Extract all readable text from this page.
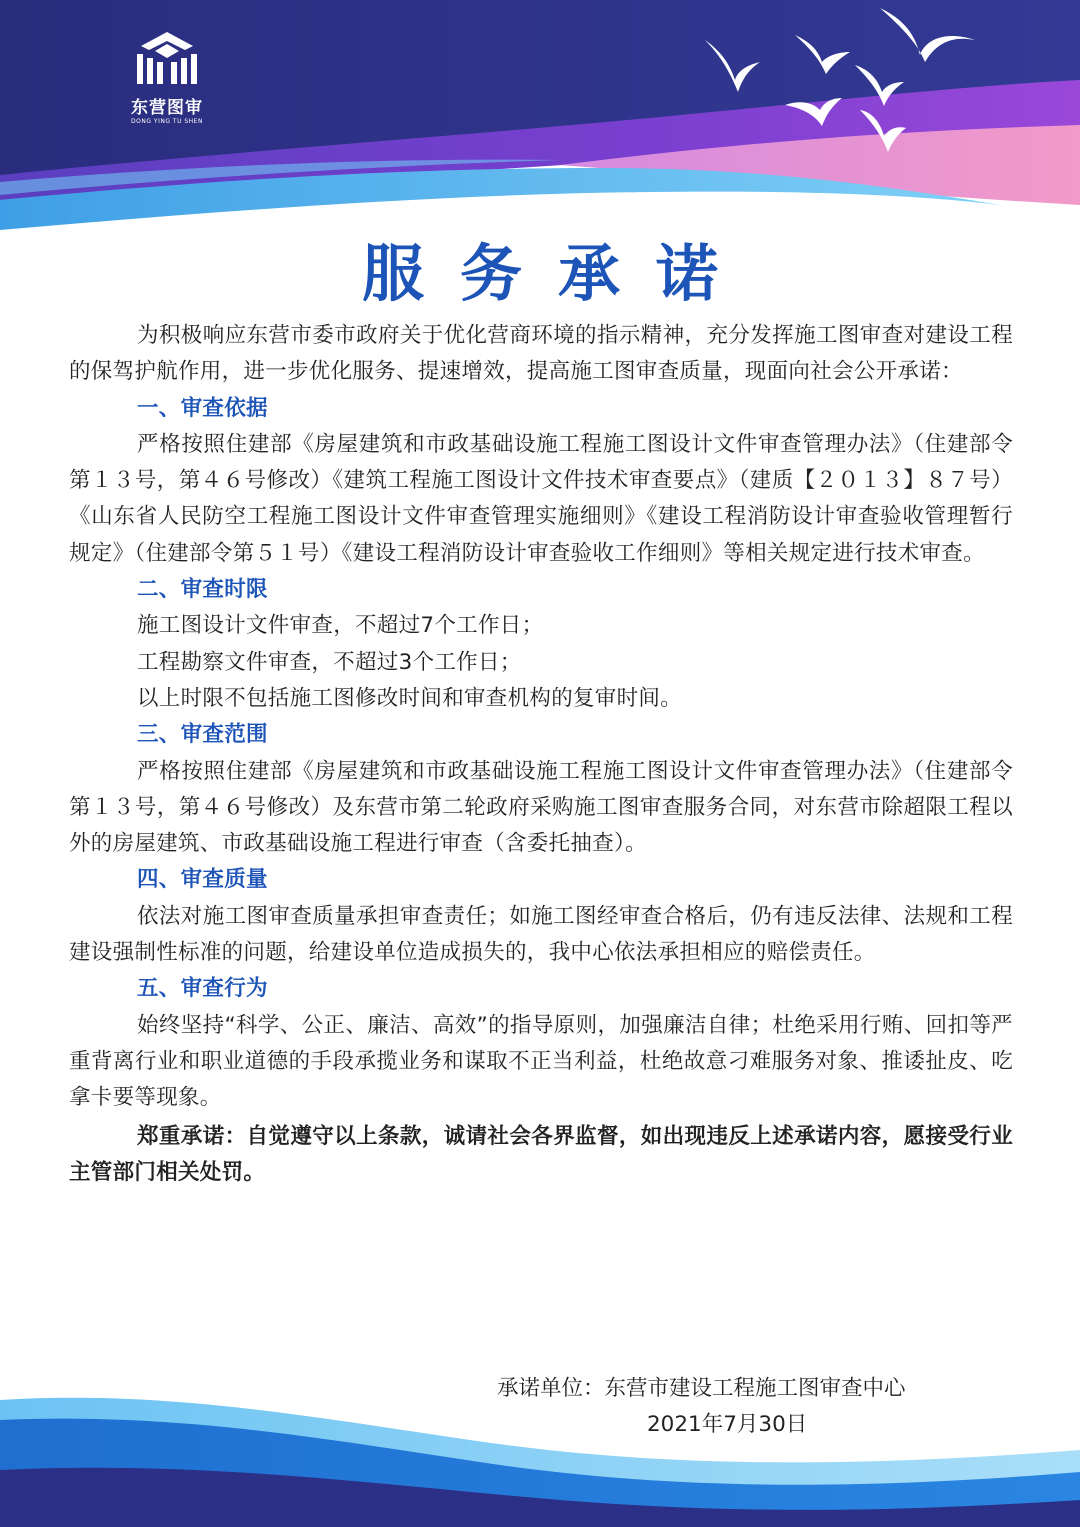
东营图审
DONG YING TU SHEN
服务承诺

为积极响应东营市委市政府关于优化营商环境的指示精神，充分发挥施工图审查对建设工程的保驾护航作用，进一步优化服务、提速增效，提高施工图审查质量，现面向社会公开承诺：

一、审查依据

严格按照住建部《房屋建筑和市政基础设施工程施工图设计文件审查管理办法》（住建部令第１３号，第４６号修改）《建筑工程施工图设计文件技术审查要点》（建质【２０１３】８７号）《山东省人民防空工程施工图设计文件审查管理实施细则》《建设工程消防设计审查验收管理暂行规定》（住建部令第５１号）《建设工程消防设计审查验收工作细则》等相关规定进行技术审查。

二、审查时限

施工图设计文件审查，不超过7个工作日；

工程勘察文件审查，不超过3个工作日；

以上时限不包括施工图修改时间和审查机构的复审时间。

三、审查范围

严格按照住建部《房屋建筑和市政基础设施工程施工图设计文件审查管理办法》（住建部令第１３号，第４６号修改）及东营市第二轮政府采购施工图审查服务合同，对东营市除超限工程以外的房屋建筑、市政基础设施工程进行审查（含委托抽查）。

四、审查质量

依法对施工图审查质量承担审查责任；如施工图经审查合格后，仍有违反法律、法规和工程建设强制性标准的问题，给建设单位造成损失的，我中心依法承担相应的赔偿责任。

五、审查行为

始终坚持“科学、公正、廉洁、高效”的指导原则，加强廉洁自律；杜绝采用行贿、回扣等严重背离行业和职业道德的手段承揽业务和谋取不正当利益，杜绝故意刁难服务对象、推诿扯皮、吃拿卡要等现象。

郑重承诺：自觉遵守以上条款，诚请社会各界监督，如出现违反上述承诺内容，愿接受行业主管部门相关处罚。

承诺单位：东营市建设工程施工图审查中心
2021年7月30日
